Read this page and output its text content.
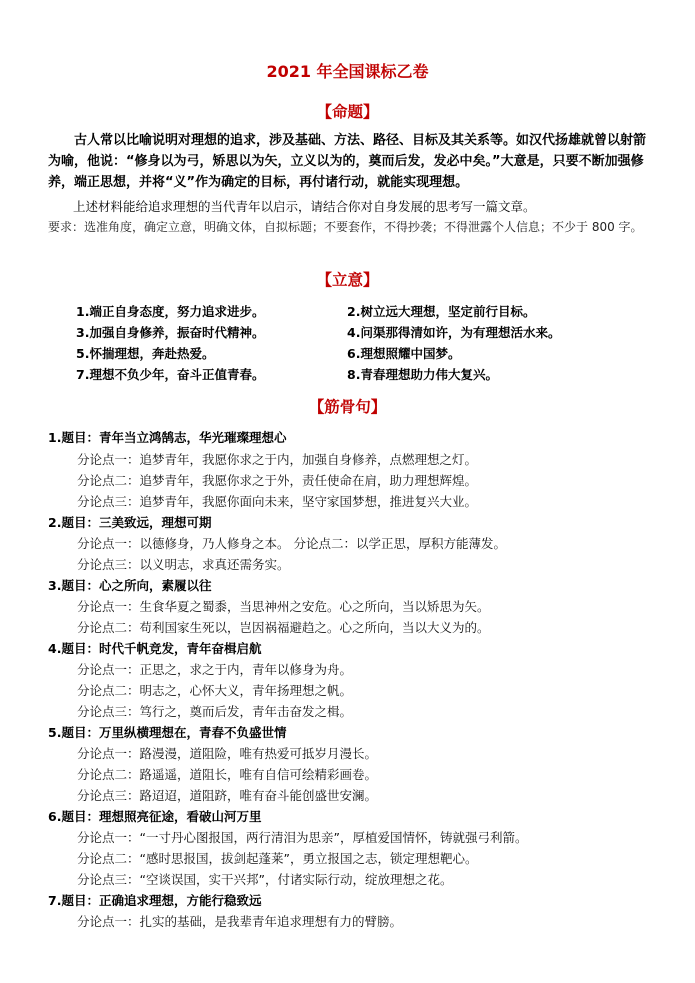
2021 年全国课标乙卷
【命题】
古人常以比喻说明对理想的追求，涉及基础、方法、路径、目标及其关系等。如汉代扬雄就曾以射箭为喻，他说：“修身以为弓，矫思以为矢，立义以为的，奠而后发，发必中矣。”大意是，只要不断加强修养，端正思想，并将“义”作为确定的目标，再付诸行动，就能实现理想。
上述材料能给追求理想的当代青年以启示，请结合你对自身发展的思考写一篇文章。
要求：选准角度，确定立意，明确文体，自拟标题；不要套作，不得抄袭；不得泄露个人信息；不少于 800 字。
【立意】
1.端正自身态度，努力追求进步。	2.树立远大理想，坚定前行目标。
3.加强自身修养，振奋时代精神。	4.问渠那得清如许，为有理想活水来。
5.怀揣理想，奔赴热爱。	6.理想照耀中国梦。
7.理想不负少年，奋斗正值青春。	8.青春理想助力伟大复兴。
【筋骨句】
1.题目：青年当立鸿鹄志，华光璀璨理想心
分论点一：追梦青年，我愿你求之于内，加强自身修养，点燃理想之灯。
分论点二：追梦青年，我愿你求之于外，责任使命在肩，助力理想辉煌。
分论点三：追梦青年，我愿你面向未来，坚守家国梦想，推进复兴大业。
2.题目：三美致远，理想可期
分论点一：以德修身，乃人修身之本。 分论点二：以学正思，厚积方能薄发。
分论点三：以义明志，求真还需务实。
3.题目：心之所向，素履以往
分论点一：生食华夏之蜀黍，当思神州之安危。心之所向，当以矫思为矢。
分论点二：苟利国家生死以，岂因祸福避趋之。心之所向，当以大义为的。
4.题目：时代千帆竞发，青年奋楫启航
分论点一：正思之，求之于内，青年以修身为舟。
分论点二：明志之，心怀大义，青年扬理想之帆。
分论点三：笃行之，奠而后发，青年击奋发之楫。
5.题目：万里纵横理想在，青春不负盛世情
分论点一：路漫漫，道阻险，唯有热爱可抵岁月漫长。
分论点二：路遥遥，道阻长，唯有自信可绘精彩画卷。
分论点三：路迢迢，道阻跻，唯有奋斗能创盛世安澜。
6.题目：理想照亮征途，看破山河万里
分论点一：“一寸丹心图报国，两行清泪为思亲”，厚植爱国情怀，铸就强弓利箭。
分论点二：“感时思报国，拔剑起蓬莱”，勇立报国之志，锁定理想靶心。
分论点三：“空谈误国，实干兴邦”，付诸实际行动，绽放理想之花。
7.题目：正确追求理想，方能行稳致远
分论点一：扎实的基础，是我辈青年追求理想有力的臂膀。
